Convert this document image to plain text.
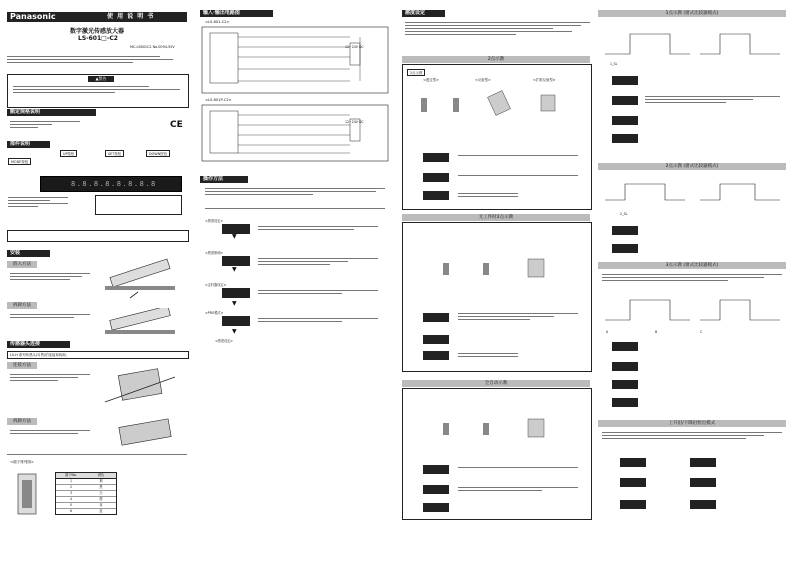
Panasonic	使 用 说 明 书
数字激光传感放大器
LS-601□-C2
MC-LS601C2 No.0094-55V
▲警告
额定规格说明
CE
部件说明
UP按钮	SET按钮	DOWN按钮
MODE按钮
8.8.8.8.8.8.8.8
安装
嵌入方法
拆卸方法
传感器头连接
LS-H 系列传感头(另售)的连接和拆卸。
连接方法
拆卸方法
<端子排列图>
端子No.	颜色
1	褐
2	黑
3	白
4	橙
5	灰
6	蓝
输入·输出电路图
<LS-601-C2>
12~24V DC
<LS-601P-C2>
12~24V DC
操作方法
<感度设定>
▼
<感度微调>
▼
<定时器设定>
▼
<PRO模式>
▼
<感度设定>
感度设定
2点示教
2点示教
<透过型>	<反射型>	<扩散反射型>
无工件时2点示教
全自动示教
1点示教 (窗式比较器模式)
1_SL
2点示教 (窗式比较器模式)
2_SL
3点示教 (窗式比较器模式)
A	B	C
上升沿/下降沿检出模式
